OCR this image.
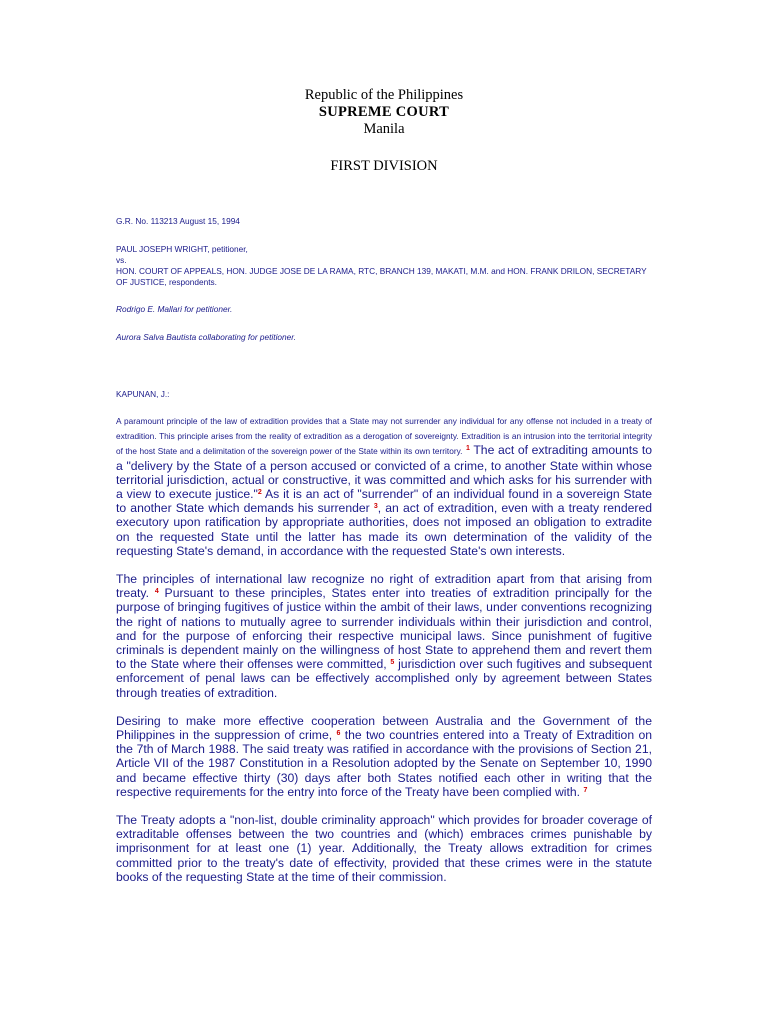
Republic of the Philippines

SUPREME COURT

Manila

FIRST DIVISION

G.R. No. 113213 August 15, 1994

PAUL JOSEPH WRIGHT, petitioner,
vs.
HON. COURT OF APPEALS, HON. JUDGE JOSE DE LA RAMA, RTC, BRANCH 139, MAKATI, M.M. and HON. FRANK DRILON, SECRETARY OF JUSTICE, respondents.

Rodrigo E. Mallari for petitioner.

Aurora Salva Bautista collaborating for petitioner.

KAPUNAN, J.:

A paramount principle of the law of extradition provides that a State may not surrender any individual for any offense not included in a treaty of extradition. This principle arises from the reality of extradition as a derogation of sovereignty. Extradition is an intrusion into the territorial integrity of the host State and a delimitation of the sovereign power of the State within its own territory. $^1$ The act of extraditing amounts to a "delivery by the State of a person accused or convicted of a crime, to another State within whose territorial jurisdiction, actual or constructive, it was committed and which asks for his surrender with a view to execute justice."$^2$ As it is an act of "surrender" of an individual found in a sovereign State to another State which demands his surrender $^3$, an act of extradition, even with a treaty rendered executory upon ratification by appropriate authorities, does not imposed an obligation to extradite on the requested State until the latter has made its own determination of the validity of the requesting State's demand, in accordance with the requested State's own interests.

The principles of international law recognize no right of extradition apart from that arising from treaty. $^4$ Pursuant to these principles, States enter into treaties of extradition principally for the purpose of bringing fugitives of justice within the ambit of their laws, under conventions recognizing the right of nations to mutually agree to surrender individuals within their jurisdiction and control, and for the purpose of enforcing their respective municipal laws. Since punishment of fugitive criminals is dependent mainly on the willingness of host State to apprehend them and revert them to the State where their offenses were committed, $^5$ jurisdiction over such fugitives and subsequent enforcement of penal laws can be effectively accomplished only by agreement between States through treaties of extradition.

Desiring to make more effective cooperation between Australia and the Government of the Philippines in the suppression of crime, $^6$ the two countries entered into a Treaty of Extradition on the 7th of March 1988. The said treaty was ratified in accordance with the provisions of Section 21, Article VII of the 1987 Constitution in a Resolution adopted by the Senate on September 10, 1990 and became effective thirty (30) days after both States notified each other in writing that the respective requirements for the entry into force of the Treaty have been complied with. $^7$

The Treaty adopts a "non-list, double criminality approach" which provides for broader coverage of extraditable offenses between the two countries and (which) embraces crimes punishable by imprisonment for at least one (1) year. Additionally, the Treaty allows extradition for crimes committed prior to the treaty's date of effectivity, provided that these crimes were in the statute books of the requesting State at the time of their commission.
